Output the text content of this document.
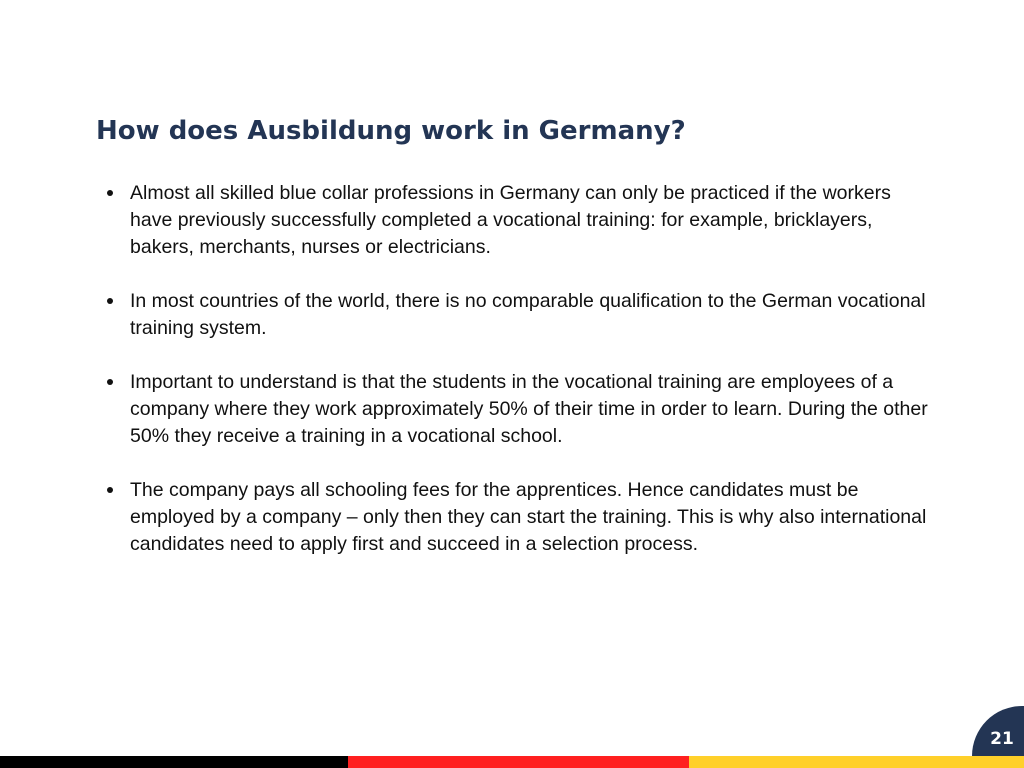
How does Ausbildung work in Germany?
Almost all skilled blue collar professions in Germany can only be practiced if the workers have previously successfully completed a vocational training: for example, bricklayers, bakers, merchants, nurses or electricians.
In most countries of the world, there is no comparable qualification to the German vocational training system.
Important to understand is that the students in the vocational training are employees of a company where they work approximately 50% of their time in order to learn. During the other 50% they receive a training in a vocational school.
The company pays all schooling fees for the apprentices. Hence candidates must be employed by a company – only then they can start the training. This is why also international candidates need to apply first and succeed in a selection process.
21
